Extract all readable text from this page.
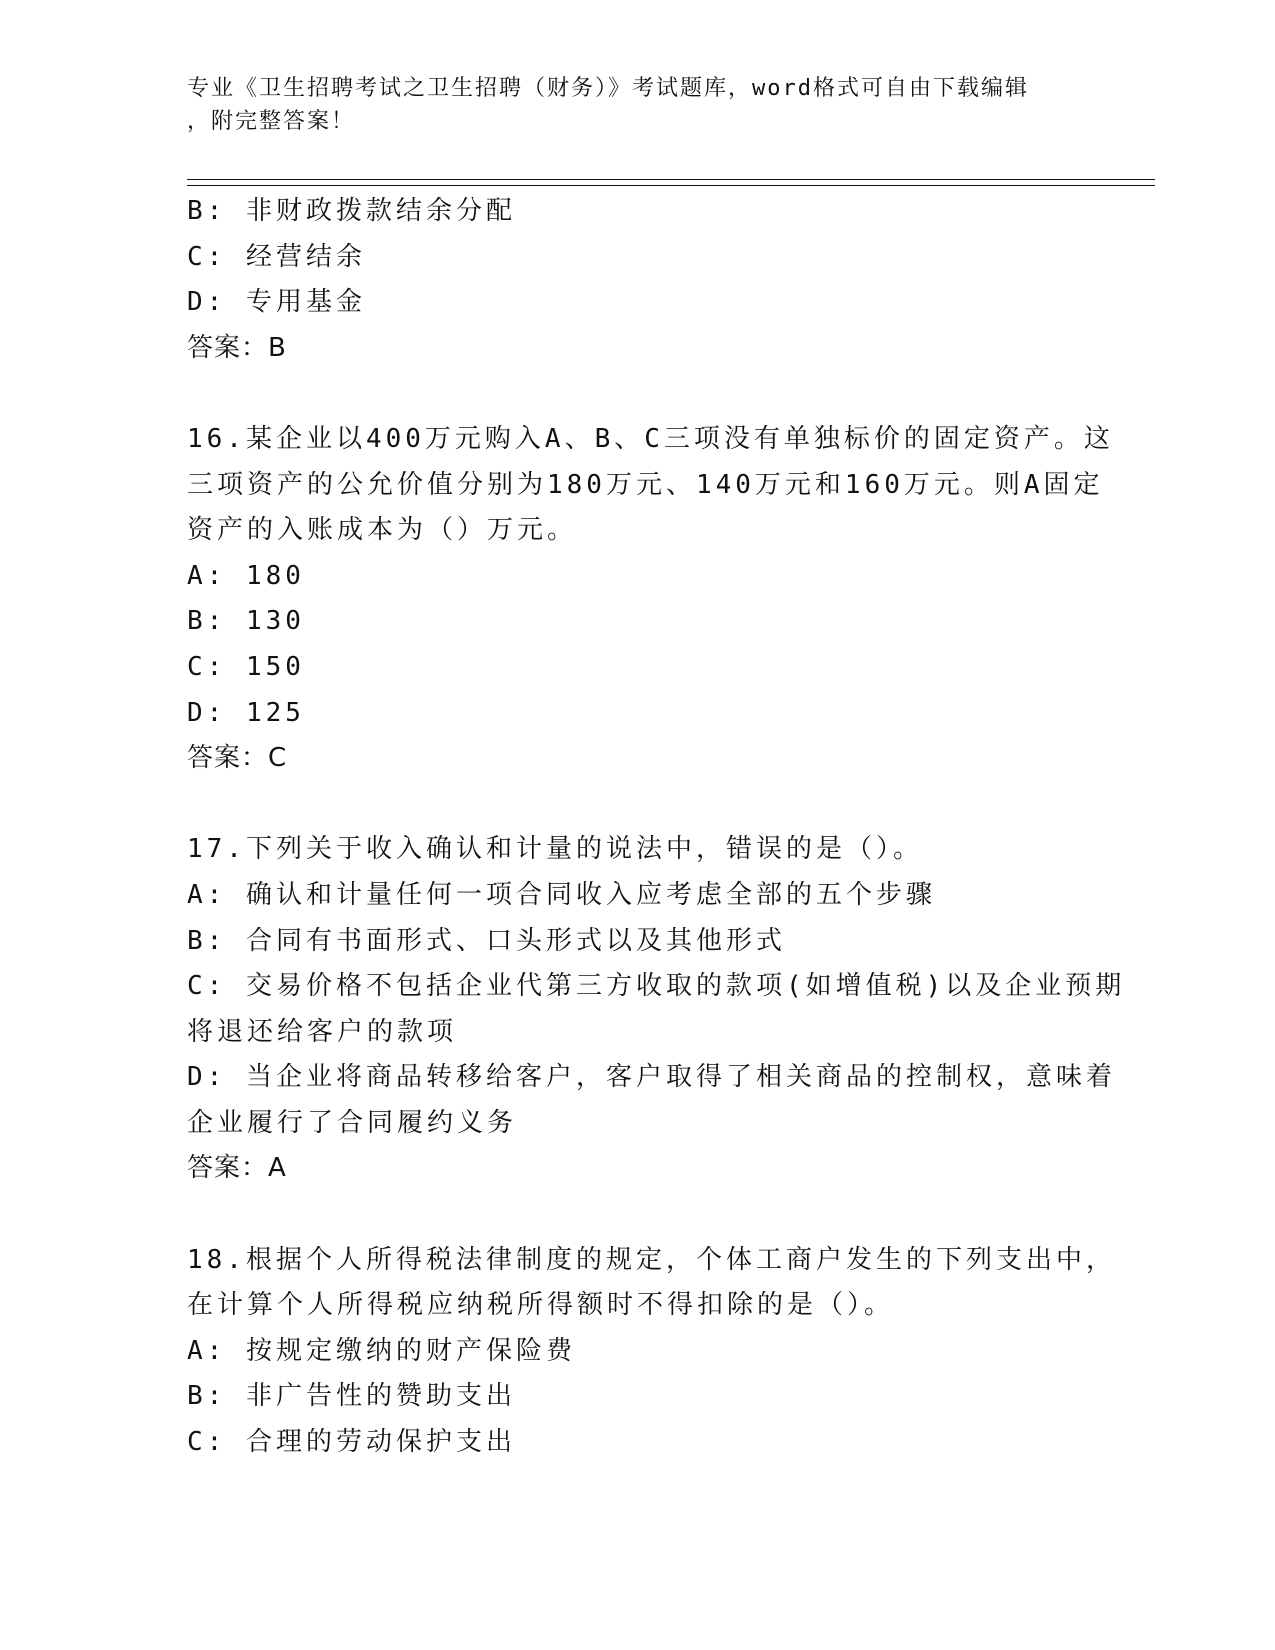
专业《卫生招聘考试之卫生招聘（财务）》考试题库，word格式可自由下载编辑
，附完整答案！
B: 非财政拨款结余分配
C: 经营结余
D: 专用基金
答案：B
16.某企业以400万元购入A、B、C三项没有单独标价的固定资产。这
三项资产的公允价值分别为180万元、140万元和160万元。则A固定
资产的入账成本为（）万元。
A: 180
B: 130
C: 150
D: 125
答案：C
17.下列关于收入确认和计量的说法中，错误的是（）。
A: 确认和计量任何一项合同收入应考虑全部的五个步骤
B: 合同有书面形式、口头形式以及其他形式
C: 交易价格不包括企业代第三方收取的款项(如增值税)以及企业预期
将退还给客户的款项
D: 当企业将商品转移给客户，客户取得了相关商品的控制权，意味着
企业履行了合同履约义务
答案：A
18.根据个人所得税法律制度的规定，个体工商户发生的下列支出中，
在计算个人所得税应纳税所得额时不得扣除的是（）。
A: 按规定缴纳的财产保险费
B: 非广告性的赞助支出
C: 合理的劳动保护支出
